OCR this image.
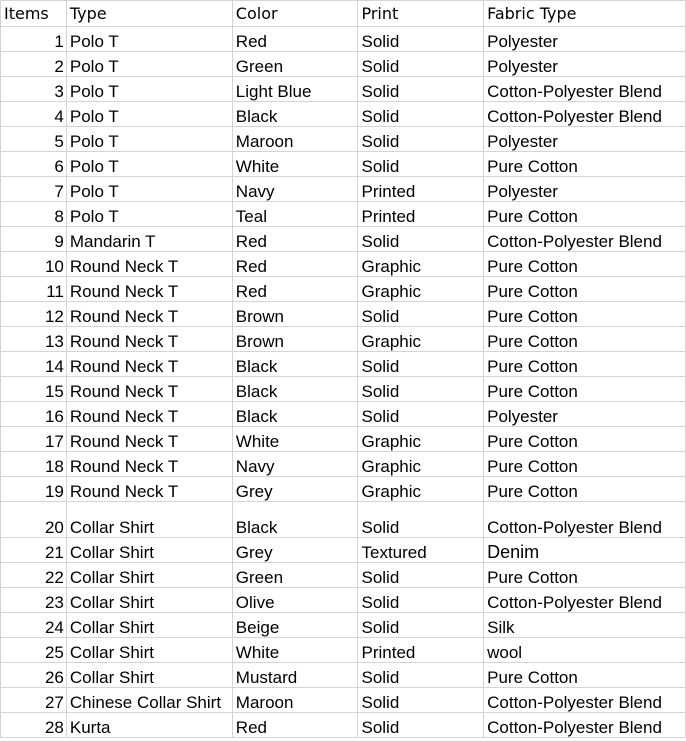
Items	Type	Color	Print	Fabric Type
1	Polo T	Red	Solid	Polyester
2	Polo T	Green	Solid	Polyester
3	Polo T	Light Blue	Solid	Cotton-Polyester Blend
4	Polo T	Black	Solid	Cotton-Polyester Blend
5	Polo T	Maroon	Solid	Polyester
6	Polo T	White	Solid	Pure Cotton
7	Polo T	Navy	Printed	Polyester
8	Polo T	Teal	Printed	Pure Cotton
9	Mandarin T	Red	Solid	Cotton-Polyester Blend
10	Round Neck T	Red	Graphic	Pure Cotton
11	Round Neck T	Red	Graphic	Pure Cotton
12	Round Neck T	Brown	Solid	Pure Cotton
13	Round Neck T	Brown	Graphic	Pure Cotton
14	Round Neck T	Black	Solid	Pure Cotton
15	Round Neck T	Black	Solid	Pure Cotton
16	Round Neck T	Black	Solid	Polyester
17	Round Neck T	White	Graphic	Pure Cotton
18	Round Neck T	Navy	Graphic	Pure Cotton
19	Round Neck T	Grey	Graphic	Pure Cotton
20	Collar Shirt	Black	Solid	Cotton-Polyester Blend
21	Collar Shirt	Grey	Textured	Denim
22	Collar Shirt	Green	Solid	Pure Cotton
23	Collar Shirt	Olive	Solid	Cotton-Polyester Blend
24	Collar Shirt	Beige	Solid	Silk
25	Collar Shirt	White	Printed	wool
26	Collar Shirt	Mustard	Solid	Pure Cotton
27	Chinese Collar Shirt	Maroon	Solid	Cotton-Polyester Blend
28	Kurta	Red	Solid	Cotton-Polyester Blend
